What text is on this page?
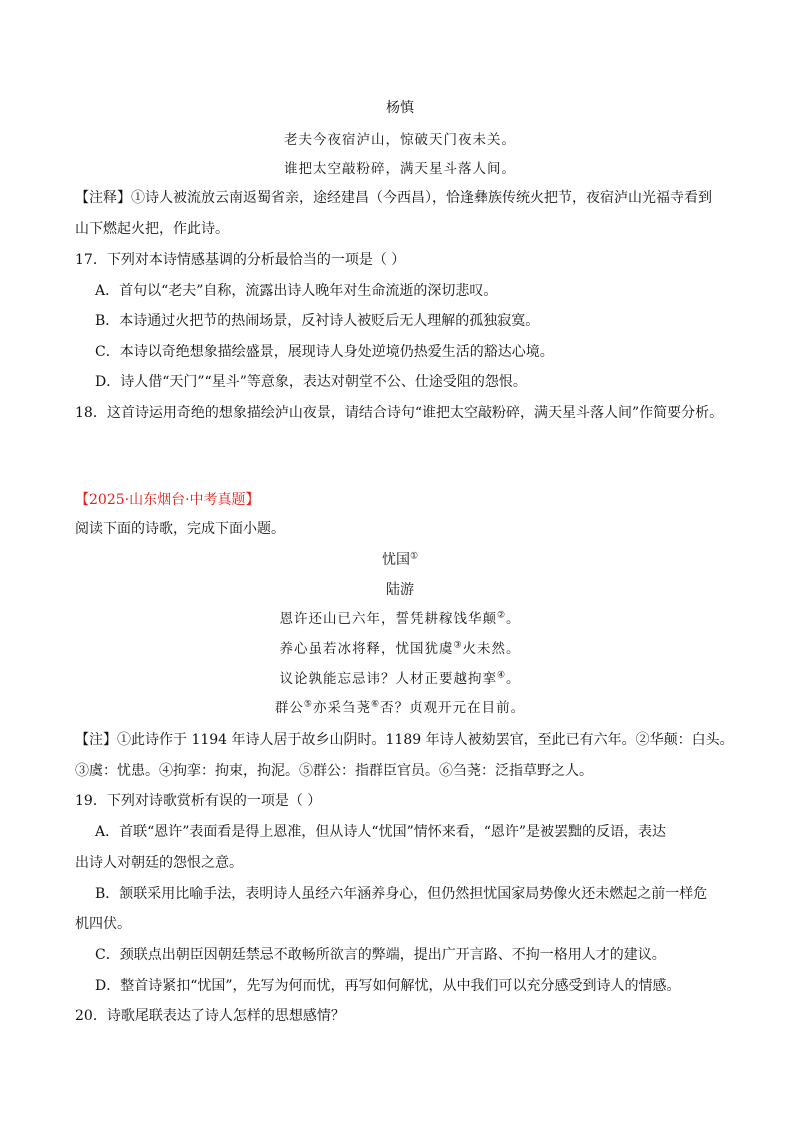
杨慎
老夫今夜宿泸山，惊破天门夜未关。
谁把太空敲粉碎，满天星斗落人间。
【注释】①诗人被流放云南返蜀省亲，途经建昌（今西昌），恰逢彝族传统火把节，夜宿泸山光福寺看到
山下燃起火把，作此诗。
17．下列对本诗情感基调的分析最恰当的一项是（ ）
A．首句以“老夫”自称，流露出诗人晚年对生命流逝的深切悲叹。
B．本诗通过火把节的热闹场景，反衬诗人被贬后无人理解的孤独寂寞。
C．本诗以奇绝想象描绘盛景，展现诗人身处逆境仍热爱生活的豁达心境。
D．诗人借“天门”“星斗”等意象，表达对朝堂不公、仕途受阻的怨恨。
18．这首诗运用奇绝的想象描绘泸山夜景，请结合诗句“谁把太空敲粉碎，满天星斗落人间”作简要分析。
【2025·山东烟台·中考真题】
阅读下面的诗歌，完成下面小题。
忧国①
陆游
恩许还山已六年，誓凭耕稼饯华颠②。
养心虽若冰将释，忧国犹虞③火未然。
议论孰能忘忌讳？人材正要越拘挛④。
群公⑤亦采刍荛⑥否？贞观开元在目前。
【注】①此诗作于 1194 年诗人居于故乡山阴时。1189 年诗人被劾罢官，至此已有六年。②华颠：白头。
③虞：忧患。④拘挛：拘束，拘泥。⑤群公：指群臣官员。⑥刍荛：泛指草野之人。
19．下列对诗歌赏析有误的一项是（ ）
A．首联“恩许”表面看是得上恩准，但从诗人“忧国”情怀来看，“恩许”是被罢黜的反语，表达
出诗人对朝廷的怨恨之意。
B．颔联采用比喻手法，表明诗人虽经六年涵养身心，但仍然担忧国家局势像火还未燃起之前一样危
机四伏。
C．颈联点出朝臣因朝廷禁忌不敢畅所欲言的弊端，提出广开言路、不拘一格用人才的建议。
D．整首诗紧扣“忧国”，先写为何而忧，再写如何解忧，从中我们可以充分感受到诗人的情感。
20．诗歌尾联表达了诗人怎样的思想感情？
